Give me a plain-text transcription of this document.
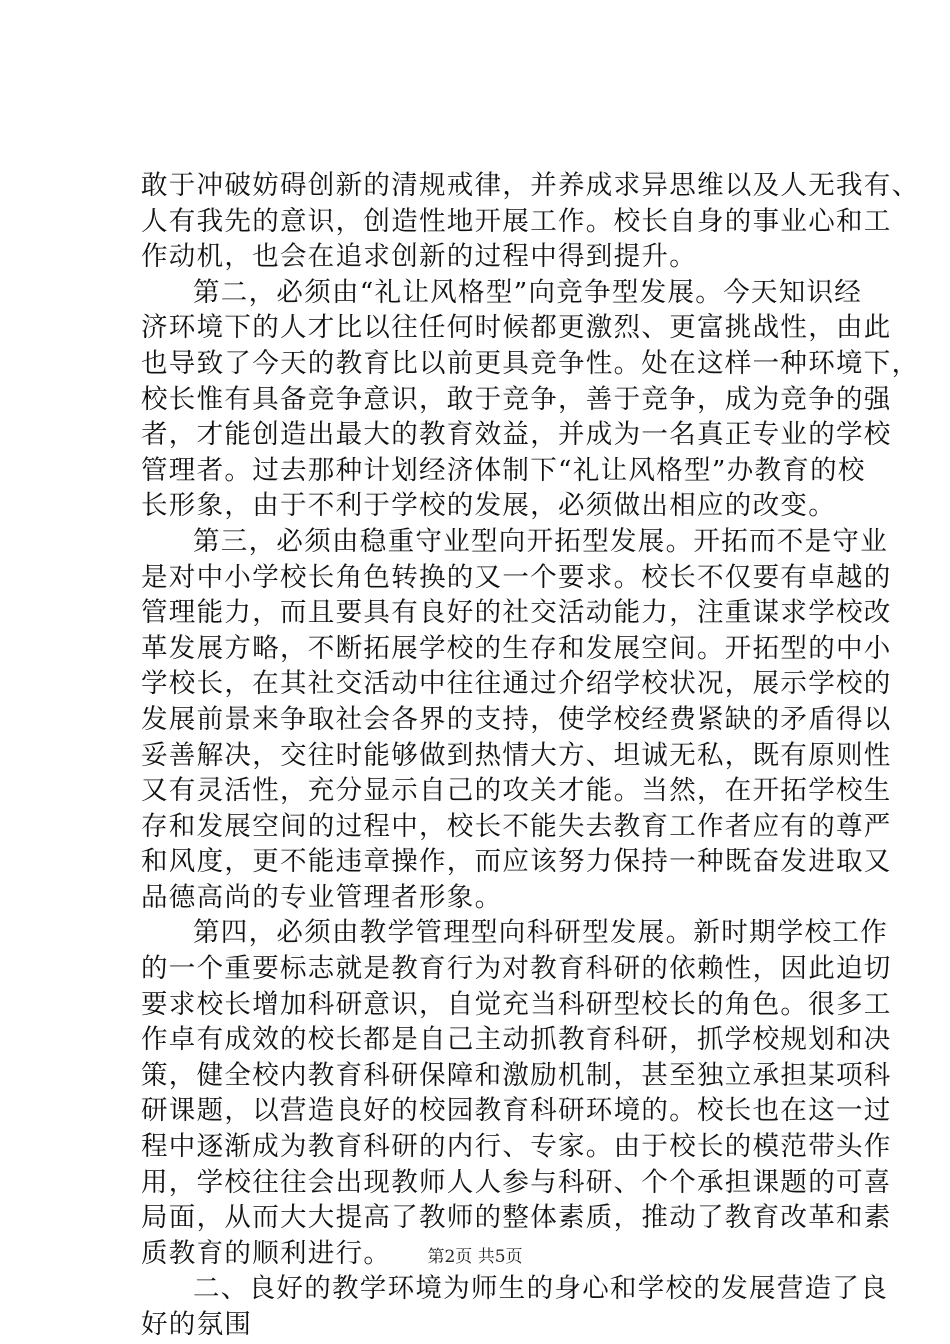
敢于冲破妨碍创新的清规戒律，并养成求异思维以及人无我有、
人有我先的意识，创造性地开展工作。校长自身的事业心和工
作动机，也会在追求创新的过程中得到提升。
第二，必须由“礼让风格型”向竞争型发展。今天知识经
济环境下的人才比以往任何时候都更激烈、更富挑战性，由此
也导致了今天的教育比以前更具竞争性。处在这样一种环境下，
校长惟有具备竞争意识，敢于竞争，善于竞争，成为竞争的强
者，才能创造出最大的教育效益，并成为一名真正专业的学校
管理者。过去那种计划经济体制下“礼让风格型”办教育的校
长形象，由于不利于学校的发展，必须做出相应的改变。
第三，必须由稳重守业型向开拓型发展。开拓而不是守业
是对中小学校长角色转换的又一个要求。校长不仅要有卓越的
管理能力，而且要具有良好的社交活动能力，注重谋求学校改
革发展方略，不断拓展学校的生存和发展空间。开拓型的中小
学校长，在其社交活动中往往通过介绍学校状况，展示学校的
发展前景来争取社会各界的支持，使学校经费紧缺的矛盾得以
妥善解决，交往时能够做到热情大方、坦诚无私，既有原则性
又有灵活性，充分显示自己的攻关才能。当然，在开拓学校生
存和发展空间的过程中，校长不能失去教育工作者应有的尊严
和风度，更不能违章操作，而应该努力保持一种既奋发进取又
品德高尚的专业管理者形象。
第四，必须由教学管理型向科研型发展。新时期学校工作
的一个重要标志就是教育行为对教育科研的依赖性，因此迫切
要求校长增加科研意识，自觉充当科研型校长的角色。很多工
作卓有成效的校长都是自己主动抓教育科研，抓学校规划和决
策，健全校内教育科研保障和激励机制，甚至独立承担某项科
研课题，以营造良好的校园教育科研环境的。校长也在这一过
程中逐渐成为教育科研的内行、专家。由于校长的模范带头作
用，学校往往会出现教师人人参与科研、个个承担课题的可喜
局面，从而大大提高了教师的整体素质，推动了教育改革和素
质教育的顺利进行。
二、良好的教学环境为师生的身心和学校的发展营造了良
好的氛围
第2页 共5页
